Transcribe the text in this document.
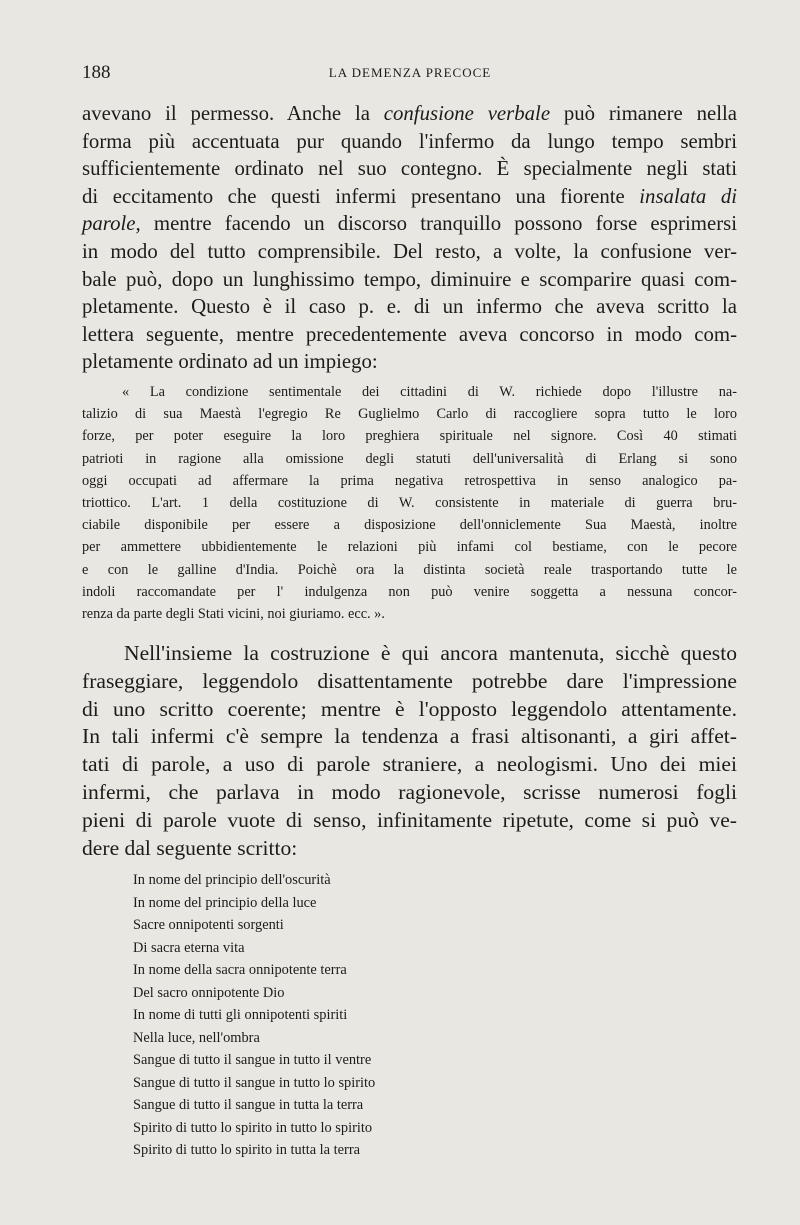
188	LA DEMENZA PRECOCE

avevano il permesso. Anche la confusione verbale può rimanere nella
forma più accentuata pur quando l'infermo da lungo tempo sembri
sufficientemente ordinato nel suo contegno. È specialmente negli stati
di eccitamento che questi infermi presentano una fiorente insalata di
parole, mentre facendo un discorso tranquillo possono forse esprimersi
in modo del tutto comprensibile. Del resto, a volte, la confusione ver-
bale può, dopo un lunghissimo tempo, diminuire e scomparire quasi com-
pletamente. Questo è il caso p. e. di un infermo che aveva scritto la
lettera seguente, mentre precedentemente aveva concorso in modo com-
pletamente ordinato ad un impiego:

« La condizione sentimentale dei cittadini di W. richiede dopo l'illustre na-
talizio di sua Maestà l'egregio Re Guglielmo Carlo di raccogliere sopra tutto le loro
forze, per poter eseguire la loro preghiera spirituale nel signore. Così 40 stimati
patrioti in ragione alla omissione degli statuti dell'universalità di Erlang si sono
oggi occupati ad affermare la prima negativa retrospettiva in senso analogico pa-
triottico. L'art. 1 della costituzione di W. consistente in materiale di guerra bru-
ciabile disponibile per essere a disposizione dell'onniclemente Sua Maestà, inoltre
per ammettere ubbidientemente le relazioni più infami col bestiame, con le pecore
e con le galline d'India. Poichè ora la distinta società reale trasportando tutte le
indoli raccomandate per l' indulgenza non può venire soggetta a nessuna concor-
renza da parte degli Stati vicini, noi giuriamo. ecc. ».

Nell'insieme la costruzione è qui ancora mantenuta, sicchè questo
fraseggiare, leggendolo disattentamente potrebbe dare l'impressione
di uno scritto coerente; mentre è l'opposto leggendolo attentamente.
In tali infermi c'è sempre la tendenza a frasi altisonanti, a giri affet-
tati di parole, a uso di parole straniere, a neologismi. Uno dei miei
infermi, che parlava in modo ragionevole, scrisse numerosi fogli
pieni di parole vuote di senso, infinitamente ripetute, come si può ve-
dere dal seguente scritto:

In nome del principio dell'oscurità
In nome del principio della luce
Sacre onnipotenti sorgenti
Di sacra eterna vita
In nome della sacra onnipotente terra
Del sacro onnipotente Dio
In nome di tutti gli onnipotenti spiriti
Nella luce, nell'ombra
Sangue di tutto il sangue in tutto il ventre
Sangue di tutto il sangue in tutto lo spirito
Sangue di tutto il sangue in tutta la terra
Spirito di tutto lo spirito in tutto lo spirito
Spirito di tutto lo spirito in tutta la terra
